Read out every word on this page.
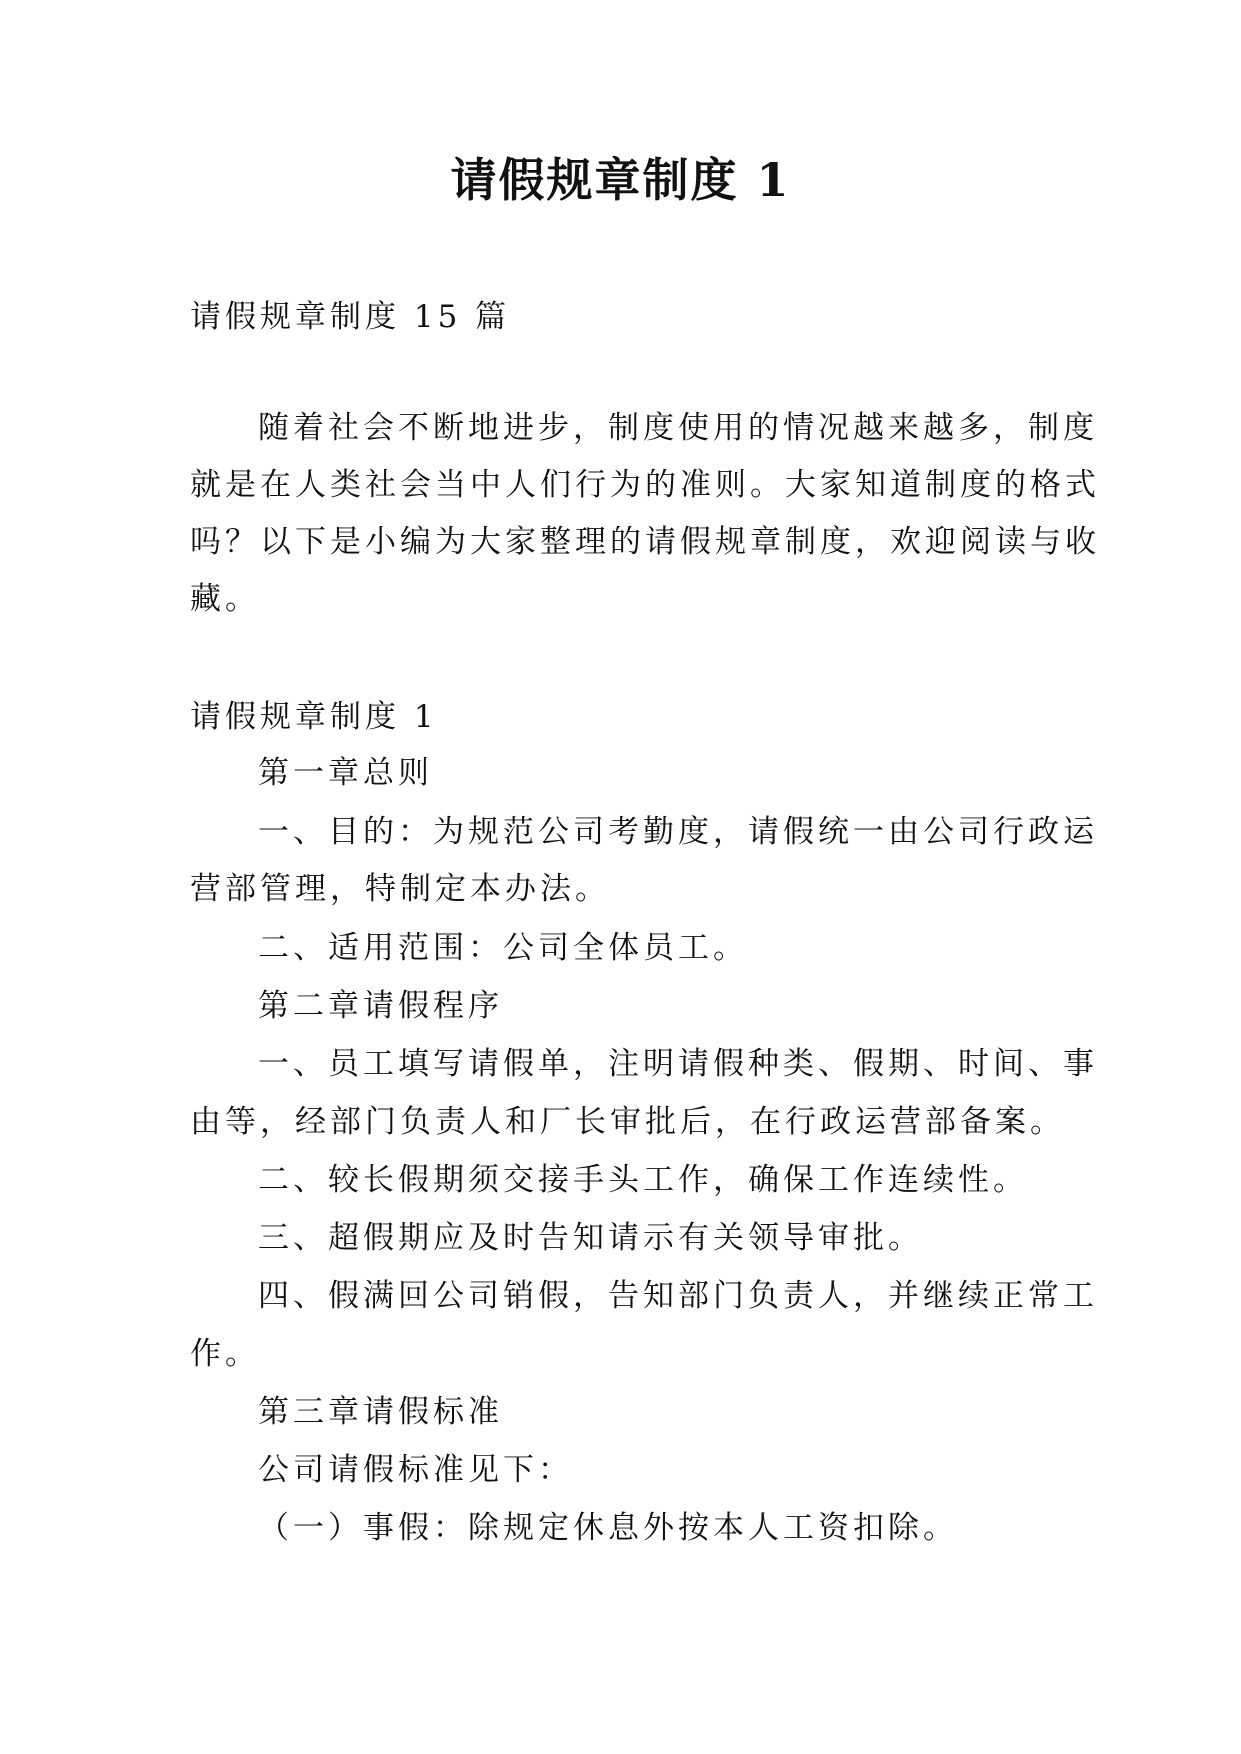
请假规章制度 1

请假规章制度 15 篇

随着社会不断地进步，制度使用的情况越来越多，制度

就是在人类社会当中人们行为的准则。大家知道制度的格式

吗？以下是小编为大家整理的请假规章制度，欢迎阅读与收

藏。

请假规章制度 1

第一章总则

一、目的：为规范公司考勤度，请假统一由公司行政运

营部管理，特制定本办法。

二、适用范围：公司全体员工。

第二章请假程序

一、员工填写请假单，注明请假种类、假期、时间、事

由等，经部门负责人和厂长审批后，在行政运营部备案。

二、较长假期须交接手头工作，确保工作连续性。

三、超假期应及时告知请示有关领导审批。

四、假满回公司销假，告知部门负责人，并继续正常工

作。

第三章请假标准

公司请假标准见下：

（一）事假：除规定休息外按本人工资扣除。
